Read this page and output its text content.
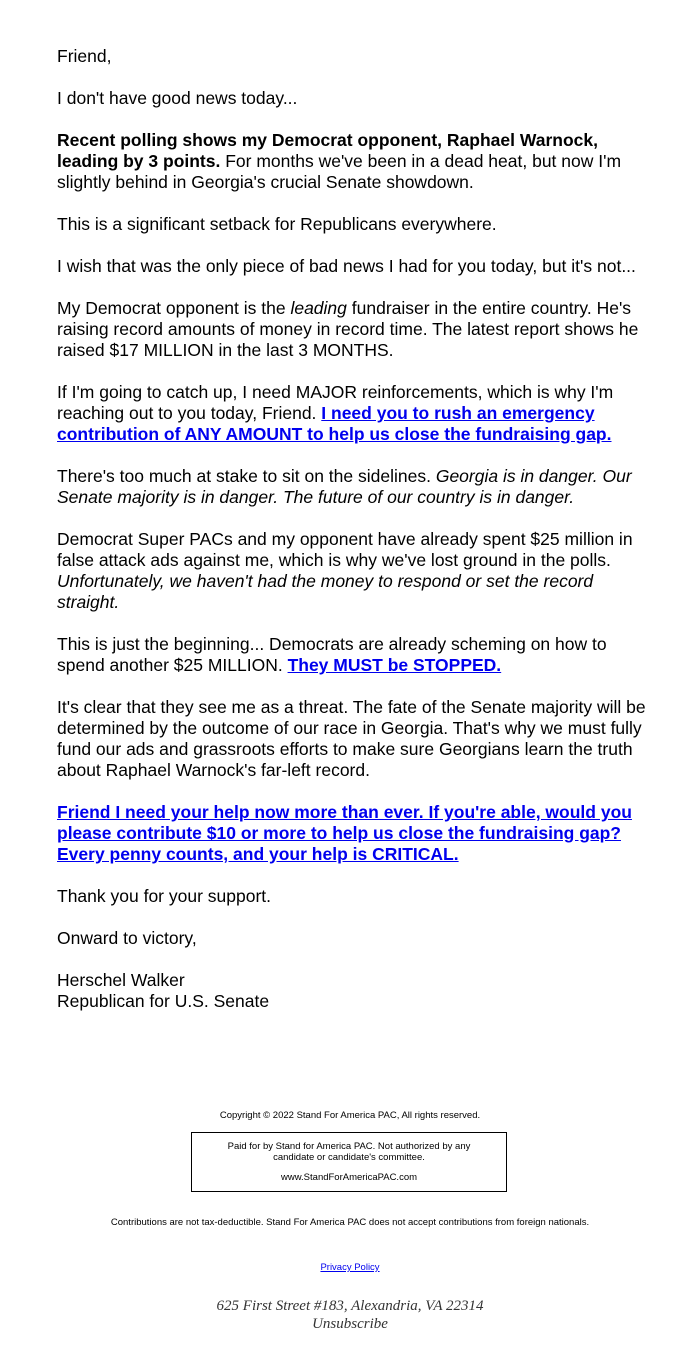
Friend,

I don't have good news today...

Recent polling shows my Democrat opponent, Raphael Warnock, leading by 3 points. For months we've been in a dead heat, but now I'm slightly behind in Georgia's crucial Senate showdown.

This is a significant setback for Republicans everywhere.

I wish that was the only piece of bad news I had for you today, but it's not...

My Democrat opponent is the leading fundraiser in the entire country. He's raising record amounts of money in record time. The latest report shows he raised $17 MILLION in the last 3 MONTHS.

If I'm going to catch up, I need MAJOR reinforcements, which is why I'm reaching out to you today, Friend. I need you to rush an emergency contribution of ANY AMOUNT to help us close the fundraising gap.

There's too much at stake to sit on the sidelines. Georgia is in danger. Our Senate majority is in danger. The future of our country is in danger.

Democrat Super PACs and my opponent have already spent $25 million in false attack ads against me, which is why we've lost ground in the polls. Unfortunately, we haven't had the money to respond or set the record straight.

This is just the beginning... Democrats are already scheming on how to spend another $25 MILLION. They MUST be STOPPED.

It's clear that they see me as a threat. The fate of the Senate majority will be determined by the outcome of our race in Georgia. That's why we must fully fund our ads and grassroots efforts to make sure Georgians learn the truth about Raphael Warnock's far-left record.

Friend I need your help now more than ever. If you're able, would you please contribute $10 or more to help us close the fundraising gap? Every penny counts, and your help is CRITICAL.

Thank you for your support.

Onward to victory,

Herschel Walker
Republican for U.S. Senate

Copyright © 2022 Stand For America PAC, All rights reserved.
Paid for by Stand for America PAC. Not authorized by any candidate or candidate's committee.
www.StandForAmericaPAC.com
Contributions are not tax-deductible. Stand For America PAC does not accept contributions from foreign nationals.
Privacy Policy
625 First Street #183, Alexandria, VA 22314
Unsubscribe
